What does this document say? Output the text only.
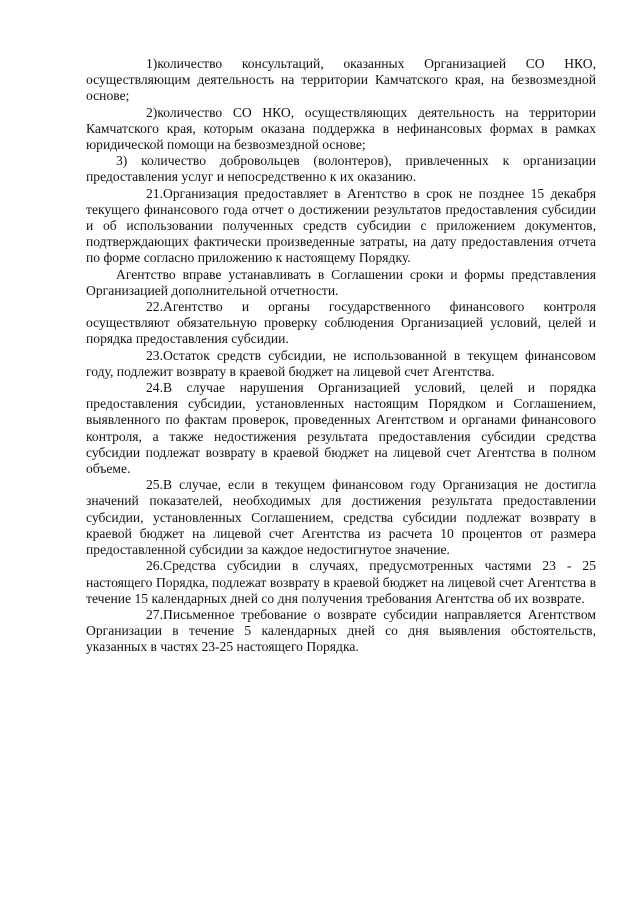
1)количество консультаций, оказанных Организацией СО НКО, осуществляющим деятельность на территории Камчатского края, на безвозмездной основе;

2)количество СО НКО, осуществляющих деятельность на территории Камчатского края, которым оказана поддержка в нефинансовых формах в рамках юридической помощи на безвозмездной основе;

3) количество добровольцев (волонтеров), привлеченных к организации предоставления услуг и непосредственно к их оказанию.

21.Организация предоставляет в Агентство в срок не позднее 15 декабря текущего финансового года отчет о достижении результатов предоставления субсидии и об использовании полученных средств субсидии с приложением документов, подтверждающих фактически произведенные затраты, на дату предоставления отчета по форме согласно приложению к настоящему Порядку.

Агентство вправе устанавливать в Соглашении сроки и формы представления Организацией дополнительной отчетности.

22.Агентство и органы государственного финансового контроля осуществляют обязательную проверку соблюдения Организацией условий, целей и порядка предоставления субсидии.

23.Остаток средств субсидии, не использованной в текущем финансовом году, подлежит возврату в краевой бюджет на лицевой счет Агентства.

24.В случае нарушения Организацией условий, целей и порядка предоставления субсидии, установленных настоящим Порядком и Соглашением, выявленного по фактам проверок, проведенных Агентством и органами финансового контроля, а также недостижения результата предоставления субсидии средства субсидии подлежат возврату в краевой бюджет на лицевой счет Агентства в полном объеме.

25.В случае, если в текущем финансовом году Организация не достигла значений показателей, необходимых для достижения результата предоставлении субсидии, установленных Соглашением, средства субсидии подлежат возврату в краевой бюджет на лицевой счет Агентства из расчета 10 процентов от размера предоставленной субсидии за каждое недостигнутое значение.

26.Средства субсидии в случаях, предусмотренных частями 23 - 25 настоящего Порядка, подлежат возврату в краевой бюджет на лицевой счет Агентства в течение 15 календарных дней со дня получения требования Агентства об их возврате.

27.Письменное требование о возврате субсидии направляется Агентством Организации в течение 5 календарных дней со дня выявления обстоятельств, указанных в частях 23-25 настоящего Порядка.
